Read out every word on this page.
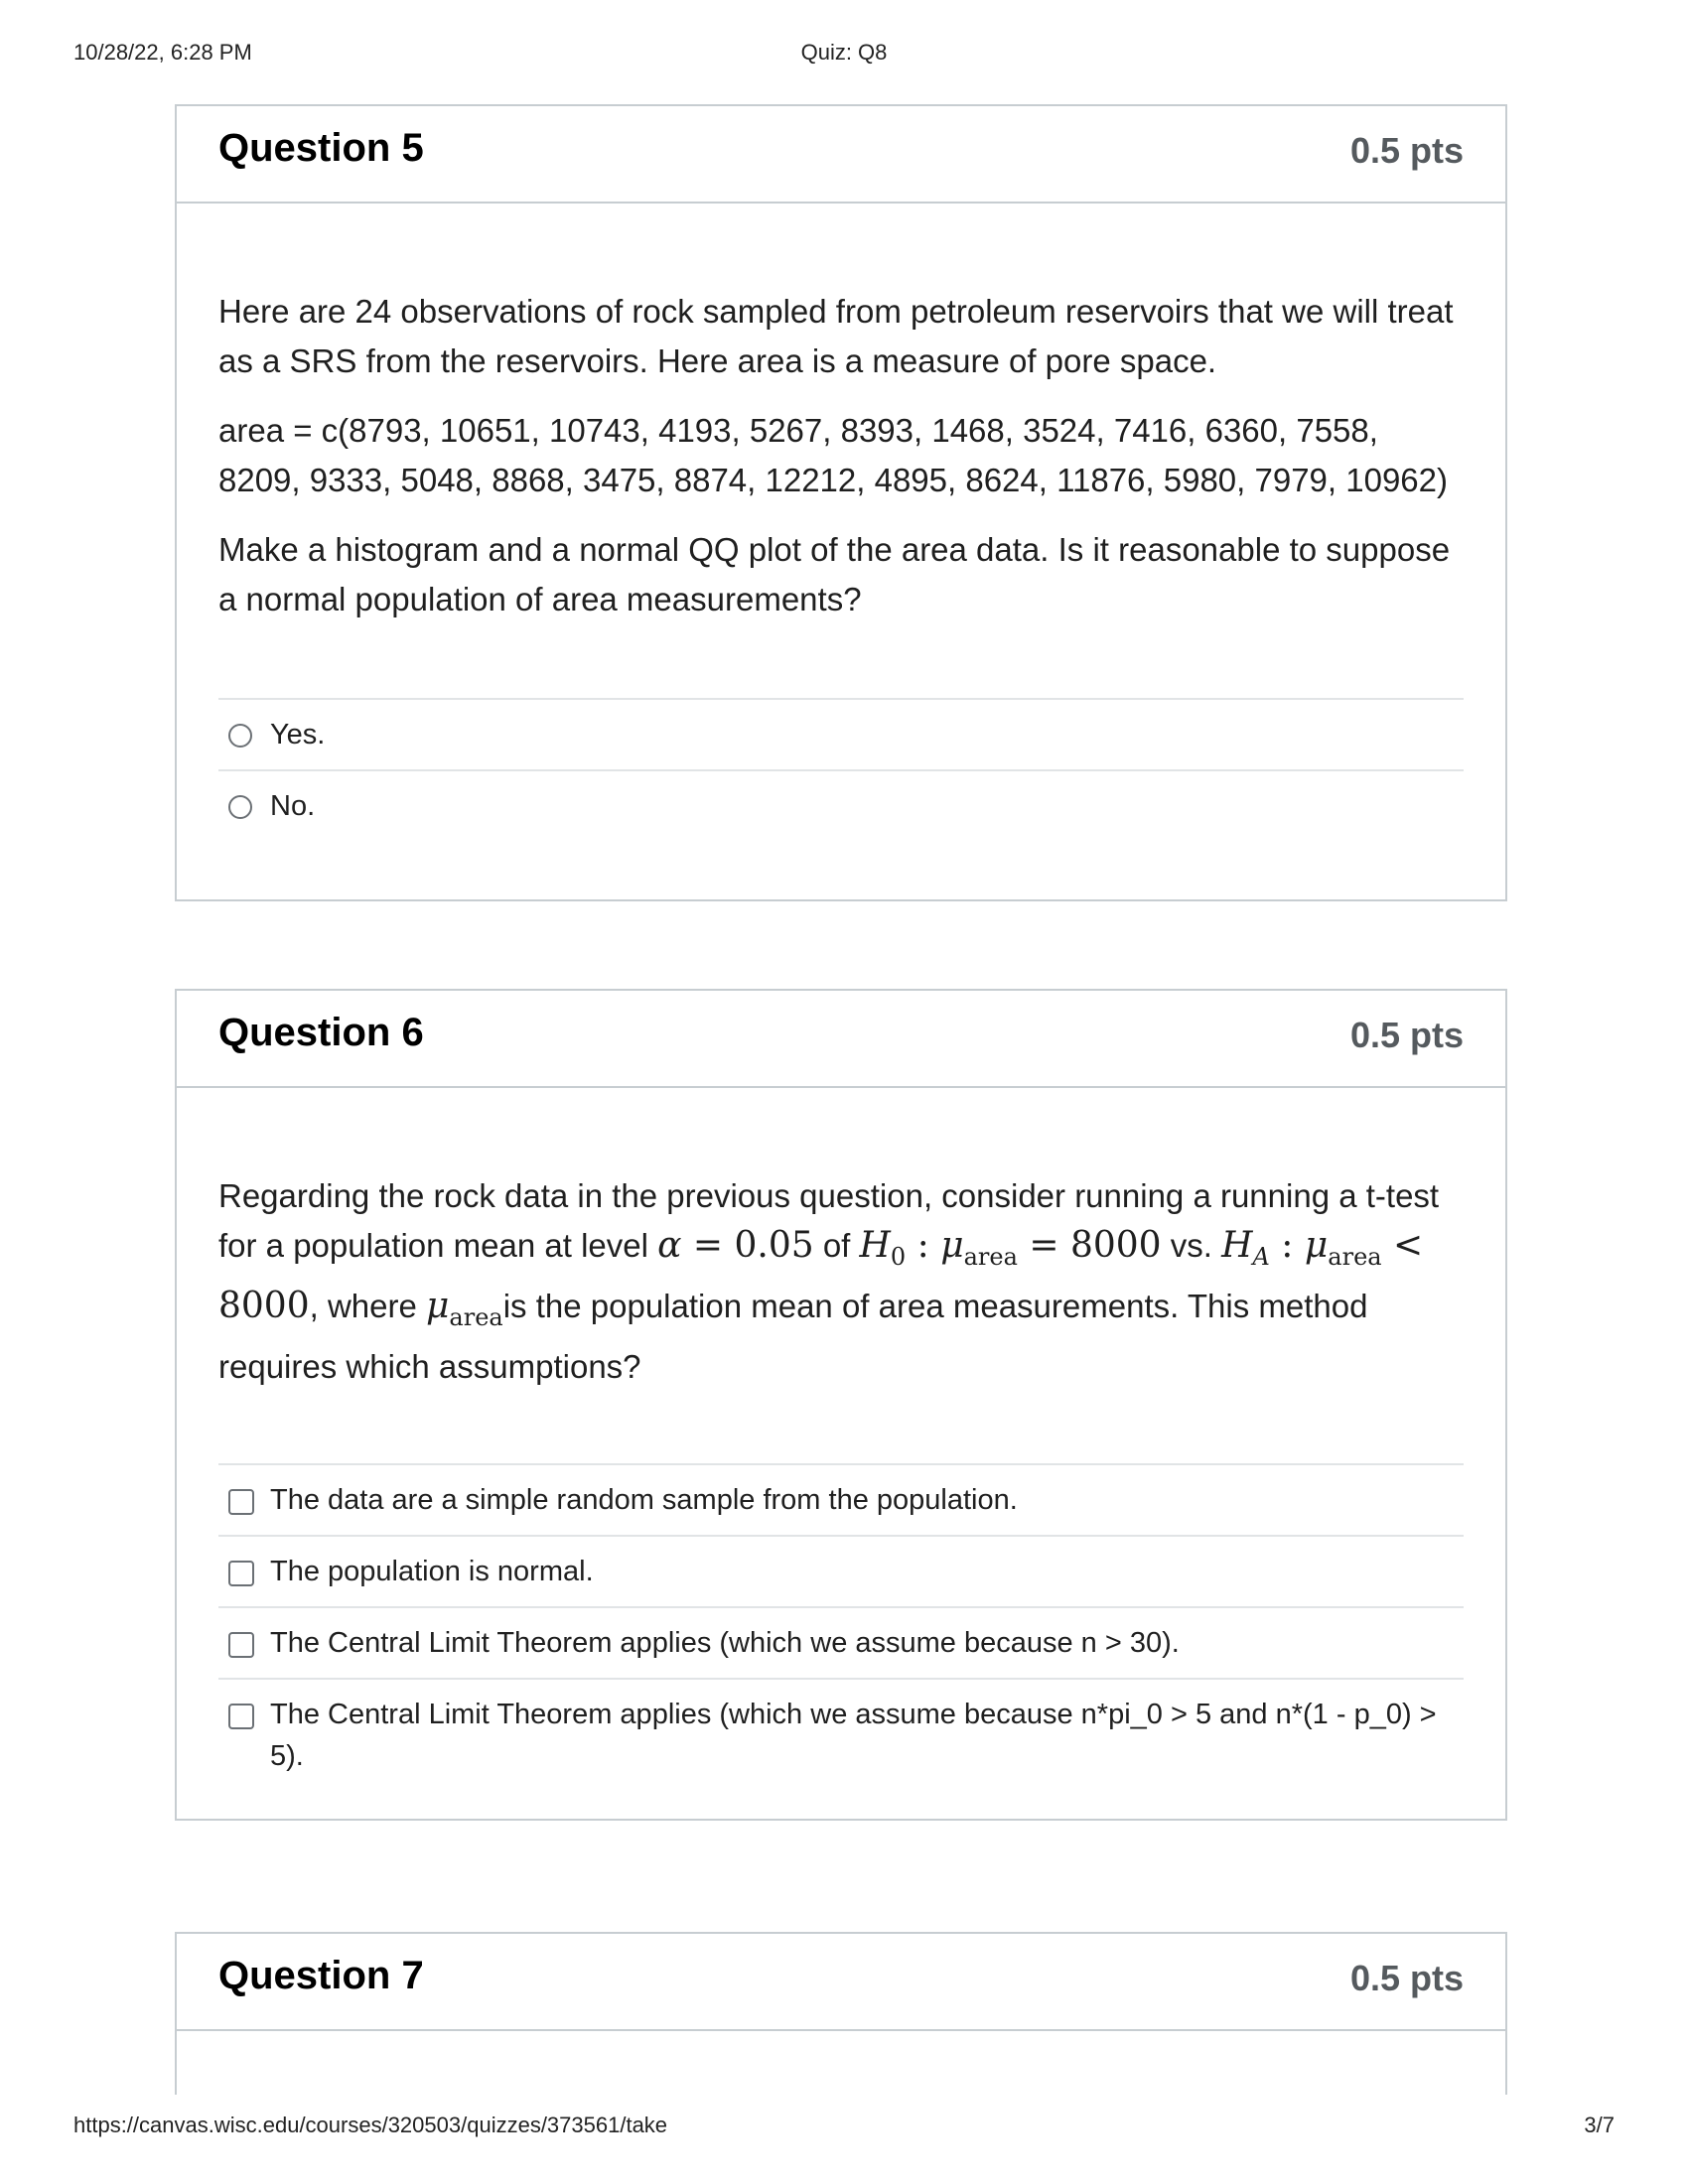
Quiz: Q8
10/28/22, 6:28 PM
Question 5	0.5 pts

Here are 24 observations of rock sampled from petroleum reservoirs that we will treat as a SRS from the reservoirs. Here area is a measure of pore space.

area = c(8793, 10651, 10743, 4193, 5267, 8393, 1468, 3524, 7416, 6360, 7558, 8209, 9333, 5048, 8868, 3475, 8874, 12212, 4895, 8624, 11876, 5980, 7979, 10962)

Make a histogram and a normal QQ plot of the area data. Is it reasonable to suppose a normal population of area measurements?

Yes.
No.
Question 6	0.5 pts

Regarding the rock data in the previous question, consider running a running a t-test for a population mean at level α = 0.05 of $H_0$ : $\mu_{area} = 8000$ vs. $H_A$ : $\mu_{area} < 8000$, where $\mu_{area}is$ the population mean of area measurements. This method requires which assumptions?

The data are a simple random sample from the population.
The population is normal.
The Central Limit Theorem applies (which we assume because n > 30).
The Central Limit Theorem applies (which we assume because n*pi_0 > 5 and n*(1 - p_0) > 5).
Question 7	0.5 pts
https://canvas.wisc.edu/courses/320503/quizzes/373561/take	3/7
